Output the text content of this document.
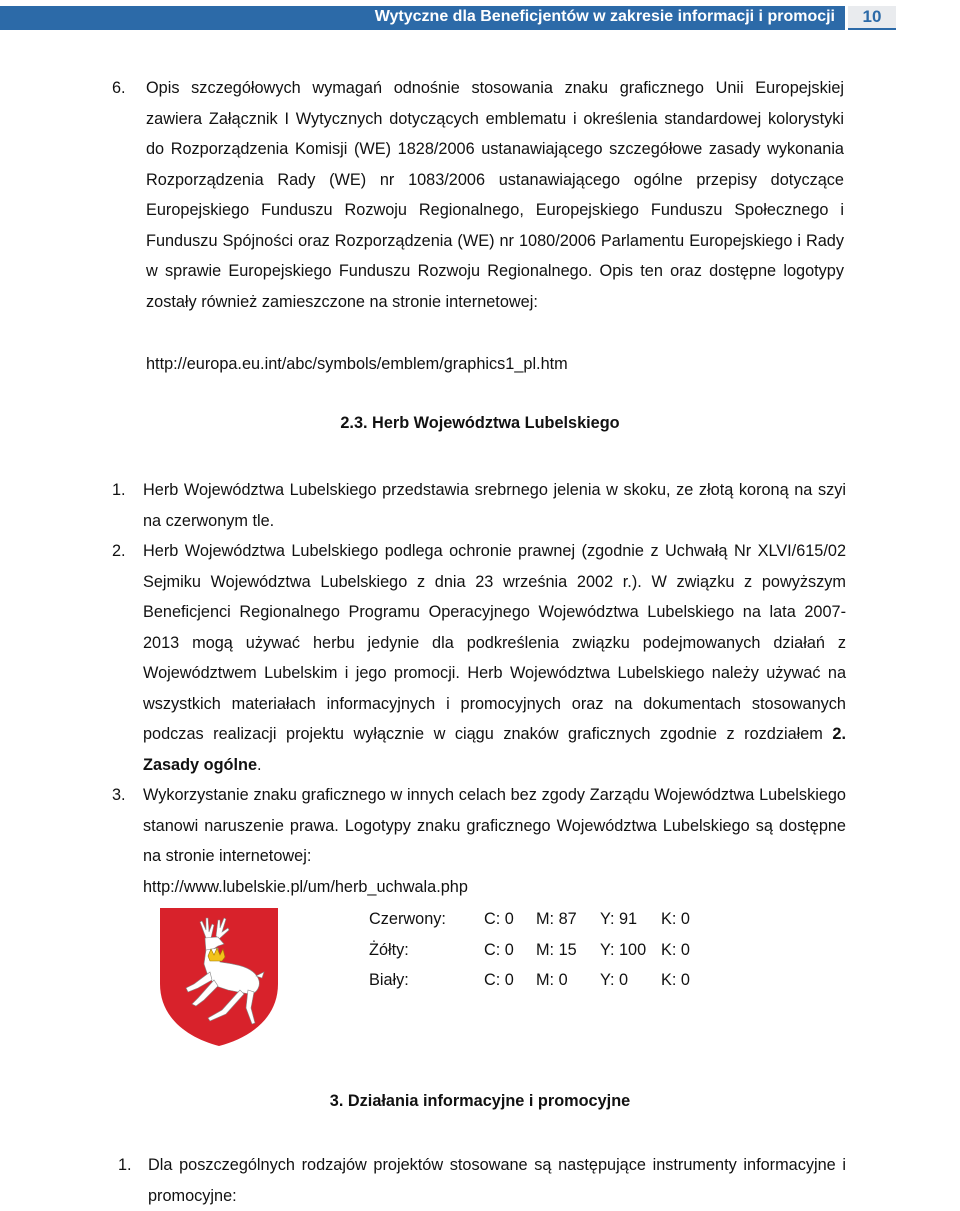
Wytyczne dla Beneficjentów w zakresie informacji i promocji	10
6. Opis szczegółowych wymagań odnośnie stosowania znaku graficznego Unii Europejskiej zawiera Załącznik I Wytycznych dotyczących emblematu i określenia standardowej kolorystyki do Rozporządzenia Komisji (WE) 1828/2006 ustanawiającego szczegółowe zasady wykonania Rozporządzenia Rady (WE) nr 1083/2006 ustanawiającego ogólne przepisy dotyczące Europejskiego Funduszu Rozwoju Regionalnego, Europejskiego Funduszu Społecznego i Funduszu Spójności oraz Rozporządzenia (WE) nr 1080/2006 Parlamentu Europejskiego i Rady w sprawie Europejskiego Funduszu Rozwoju Regionalnego. Opis ten oraz dostępne logotypy zostały również zamieszczone na stronie internetowej:
http://europa.eu.int/abc/symbols/emblem/graphics1_pl.htm
2.3. Herb Województwa Lubelskiego
1. Herb Województwa Lubelskiego przedstawia srebrnego jelenia w skoku, ze złotą koroną na szyi na czerwonym tle.
2. Herb Województwa Lubelskiego podlega ochronie prawnej (zgodnie z Uchwałą Nr XLVI/615/02 Sejmiku Województwa Lubelskiego z dnia 23 września 2002 r.). W związku z powyższym Beneficjenci Regionalnego Programu Operacyjnego Województwa Lubelskiego na lata 2007-2013 mogą używać herbu jedynie dla podkreślenia związku podejmowanych działań z Województwem Lubelskim i jego promocji. Herb Województwa Lubelskiego należy używać na wszystkich materiałach informacyjnych i promocyjnych oraz na dokumentach stosowanych podczas realizacji projektu wyłącznie w ciągu znaków graficznych zgodnie z rozdziałem 2. Zasady ogólne.
3. Wykorzystanie znaku graficznego w innych celach bez zgody Zarządu Województwa Lubelskiego stanowi naruszenie prawa. Logotypy znaku graficznego Województwa Lubelskiego są dostępne na stronie internetowej:
http://www.lubelskie.pl/um/herb_uchwala.php
Czerwony:	C: 0	M: 87	Y: 91	K: 0
Żółty:	C: 0	M: 15	Y: 100 K: 0
Biały:	C: 0	M: 0	Y: 0	K: 0
3. Działania informacyjne i promocyjne
1. Dla poszczególnych rodzajów projektów stosowane są następujące instrumenty informacyjne i promocyjne:
